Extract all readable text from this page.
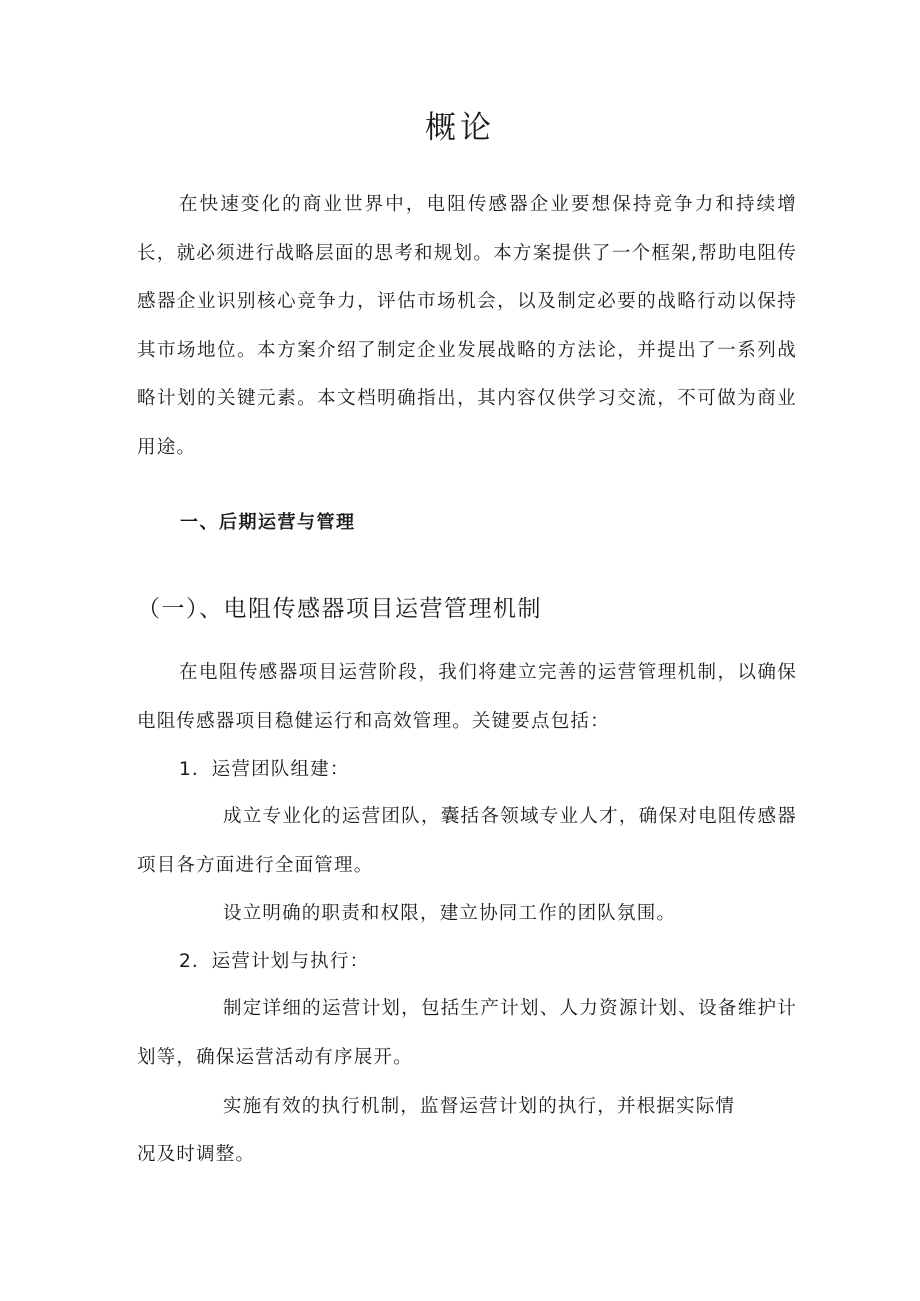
概论

在快速变化的商业世界中，电阻传感器企业要想保持竞争力和持续增长，就必须进行战略层面的思考和规划。本方案提供了一个框架,帮助电阻传感器企业识别核心竞争力，评估市场机会，以及制定必要的战略行动以保持其市场地位。本方案介绍了制定企业发展战略的方法论，并提出了一系列战略计划的关键元素。本文档明确指出，其内容仅供学习交流，不可做为商业用途。

一、后期运营与管理
（一）、电阻传感器项目运营管理机制

在电阻传感器项目运营阶段，我们将建立完善的运营管理机制，以确保电阻传感器项目稳健运行和高效管理。关键要点包括：

1．运营团队组建：

成立专业化的运营团队，囊括各领域专业人才，确保对电阻传感器项目各方面进行全面管理。

设立明确的职责和权限，建立协同工作的团队氛围。

2．运营计划与执行：

制定详细的运营计划，包括生产计划、人力资源计划、设备维护计划等，确保运营活动有序展开。

实施有效的执行机制，监督运营计划的执行，并根据实际情

况及时调整。
